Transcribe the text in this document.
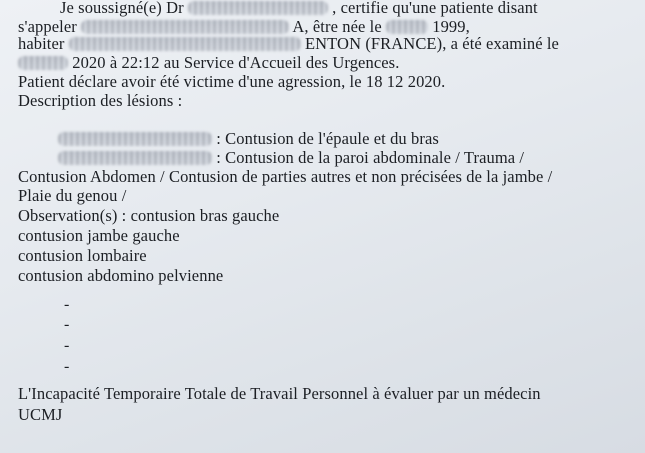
Je soussigné(e) Dr	, certifie qu'une patiente disant
s'appeler	A, être née le	1999,
habiter	ENTON (FRANCE), a été examiné le
2020 à 22:12 au Service d'Accueil des Urgences.
Patient déclare avoir été victime d'une agression, le 18 12 2020.
Description des lésions :
: Contusion de l'épaule et du bras
: Contusion de la paroi abdominale / Trauma /
Contusion Abdomen / Contusion de parties autres et non précisées de la jambe /
Plaie du genou /
Observation(s) : contusion bras gauche
contusion jambe gauche
contusion lombaire
contusion abdomino pelvienne
-
-
-
-
L'Incapacité Temporaire Totale de Travail Personnel à évaluer par un médecin
UCMJ
